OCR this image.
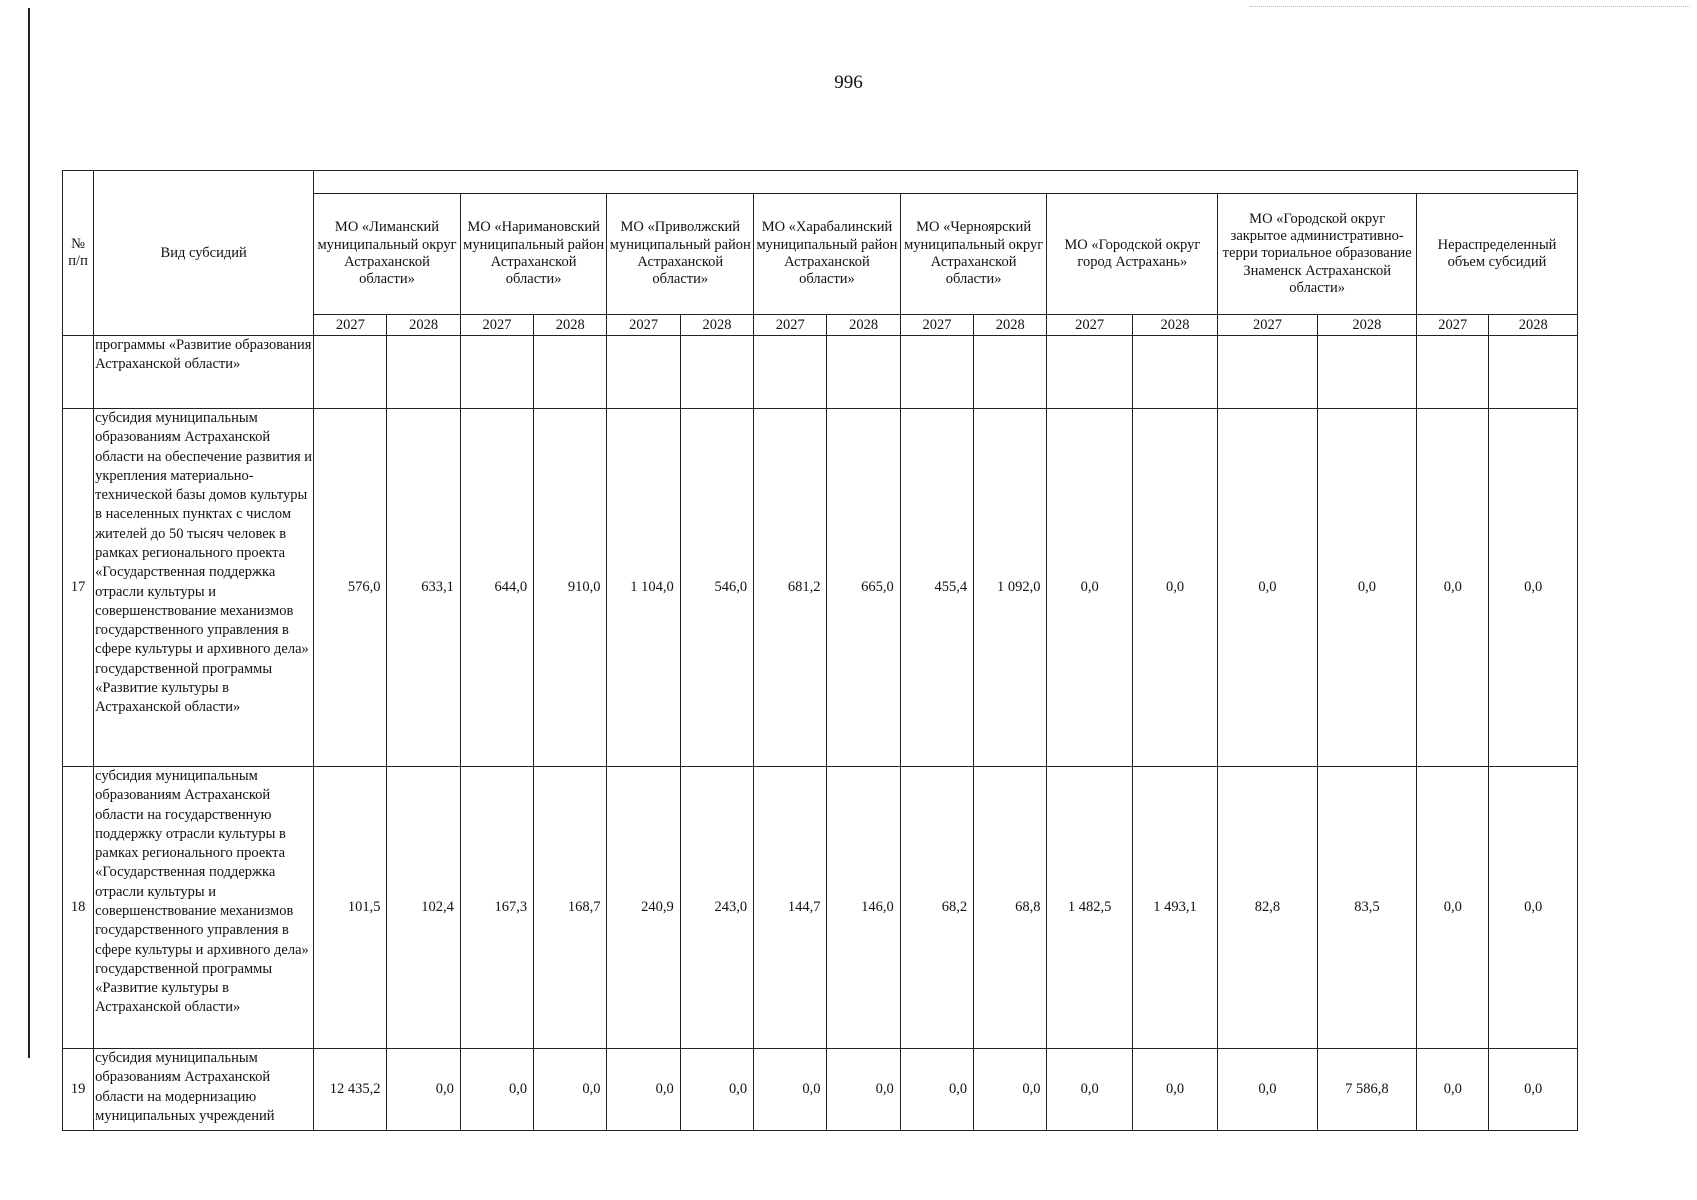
996
№
п/п	Вид субсидий																
		МО «Лиманский муниципальный округ Астраханской области»		МО «Наримановский муниципальный район Астраханской области»		МО «Приволжский муниципальный район Астраханской области»		МО «Харабалинский муниципальный район Астраханской области»		МО «Черноярский муниципальный округ Астраханской области»		МО «Городской округ город Астрахань»		МО «Городской округ закрытое административно-терри ториальное образование Знаменск Астраханской области»		Нераспределенный объем субсидий	
		2027	2028	2027	2028	2027	2028	2027	2028	2027	2028	2027	2028	2027	2028	2027	2028
	программы «Развитие образования Астраханской области»																
17	субсидия муниципальным образованиям Астраханской области на обеспечение развития и укрепления материально-технической базы домов культуры в населенных пунктах с числом жителей до 50 тысяч человек в рамках регионального проекта «Государственная поддержка отрасли культуры и совершенствование механизмов государственного управления в сфере культуры и архивного дела» государственной программы «Развитие культуры в Астраханской области»	576,0	633,1	644,0	910,0	1 104,0	546,0	681,2	665,0	455,4	1 092,0	0,0	0,0	0,0	0,0	0,0	0,0
18	субсидия муниципальным образованиям Астраханской области на государственную поддержку отрасли культуры в рамках регионального проекта «Государственная поддержка отрасли культуры и совершенствование механизмов государственного управления в сфере культуры и архивного дела» государственной программы «Развитие культуры в Астраханской области»	101,5	102,4	167,3	168,7	240,9	243,0	144,7	146,0	68,2	68,8	1 482,5	1 493,1	82,8	83,5	0,0	0,0
19	субсидия муниципальным образованиям Астраханской области на модернизацию муниципальных учреждений	12 435,2	0,0	0,0	0,0	0,0	0,0	0,0	0,0	0,0	0,0	0,0	0,0	0,0	7 586,8	0,0	0,0
